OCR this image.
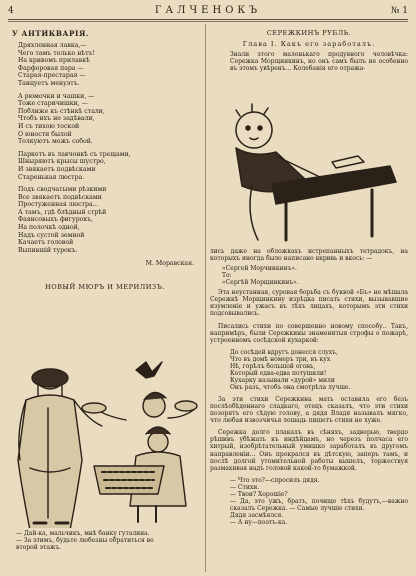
4	ГАЛЧЕНОКЪ	№ 1
У АНТИКВАРІЯ.
Дряхленная лавка,—
Чего тамъ только нѣтъ!
На кривомъ прилавкѣ
Фарфоровая пара —
Старая-престарая —
Танцуетъ менуэтъ.
А рюмочки и чашки, —
Тоже старичишки, —
Поближе къ стѣнкѣ стали,
Чтобъ ихъ не задѣвали,
И съ тихою тоской
О юности былой
Толкуютъ межъ собой.
Паркетъ въ лавчонкѣ съ трещами,
Шныряютъ крысы шустро,
И звякаетъ подвѣсками
Старенькая люстра.
Подъ сводчатыми рѣзкими
Все звякаетъ подвѣсками
Простуженная люстра...
А тамъ, гдѣ блѣдный стрѣй
Фаянсовыхъ фигурокъ,
На полочкѣ одной,
Надъ сустой земной
Качаетъ головой
Выпившій турокъ.
М. Моравская.
НОВЫЙ МЮРЪ И МЕРИЛИЗЪ.
— Дай-ка, мальчикъ, мнѣ банку гуталина.
— За этимъ, будьте любезны обратиться во
второй этажъ.
СЕРЕЖКИНЪ РУБЛЬ.
Глава I. Какъ его заработалъ.
Знали этого маленькаго продувного человѣчка: Сережка Морщинкинъ, но онъ самъ былъ не особенно въ этомъ увѣренъ... Колебанія его отража-
лись даже на обложкахъ истрепанныхъ тетрадокъ, на которыхъ иногда было написано вкривь и вкось: —
«Сергей Морчинкинъ».
То:
«Сергѣй Морщинкинъ».
Эта неустанная, суровая борьба съ буквой «Бъ» не мѣшала Сережкѣ Морщинкину изрѣдка писать стихи, вызывавшие изумленіе и ужасъ въ тѣхъ лицахъ, которымъ эти стихи подсовывались.
Писались стихи по совершенно новому способу.. Такъ, напримѣръ, были Сережкины знаменитыя строфы о пожарѣ, устроенномъ сосѣдской кухаркой:
До сосѣдей вдругъ донесся слухъ,
Что въ домѣ номеръ три, въ кух
Нѣ, горѣлъ большой огонь,
Который едва-едва потушили!
Кухарку называли «дурой» мили
Онъ разъ, чтобъ она смотрѣла лучше.
За эти стихи Сережкина мать оставила его безъ послѣобѣденнаго сладкаго, отецъ сказалъ, что эти стихи позорятъ его сѣдую голову, а дядя Владя называлъ мягко, что любая извозчичья лошадь пишетъ стихи не хуже.
Сережка долго плакалъ въ сѣняхъ, задверью, твердо рѣшивъ убѣжать къ индѣйцамъ, но черезъ полчаса его хитрый, изобрѣтательный умишко заработалъ въ другомъ направленіи... Онъ прокрался въ дѣтскую, заперъ тамъ, и послѣ долгой утомительной работы вышелъ, торжествуя размахивая надъ головой какой-то бумажкой.
— Что это?—спросилъ дядя.
— Стихи.
— Твои? Хорошіе?
— Да, это ужъ, братъ, почище тѣхъ будутъ,—важно сказалъ Сережка. — Самые лучшіе стихи.
Дядя засмѣялся.
— А ну—поэтъ-ка.
